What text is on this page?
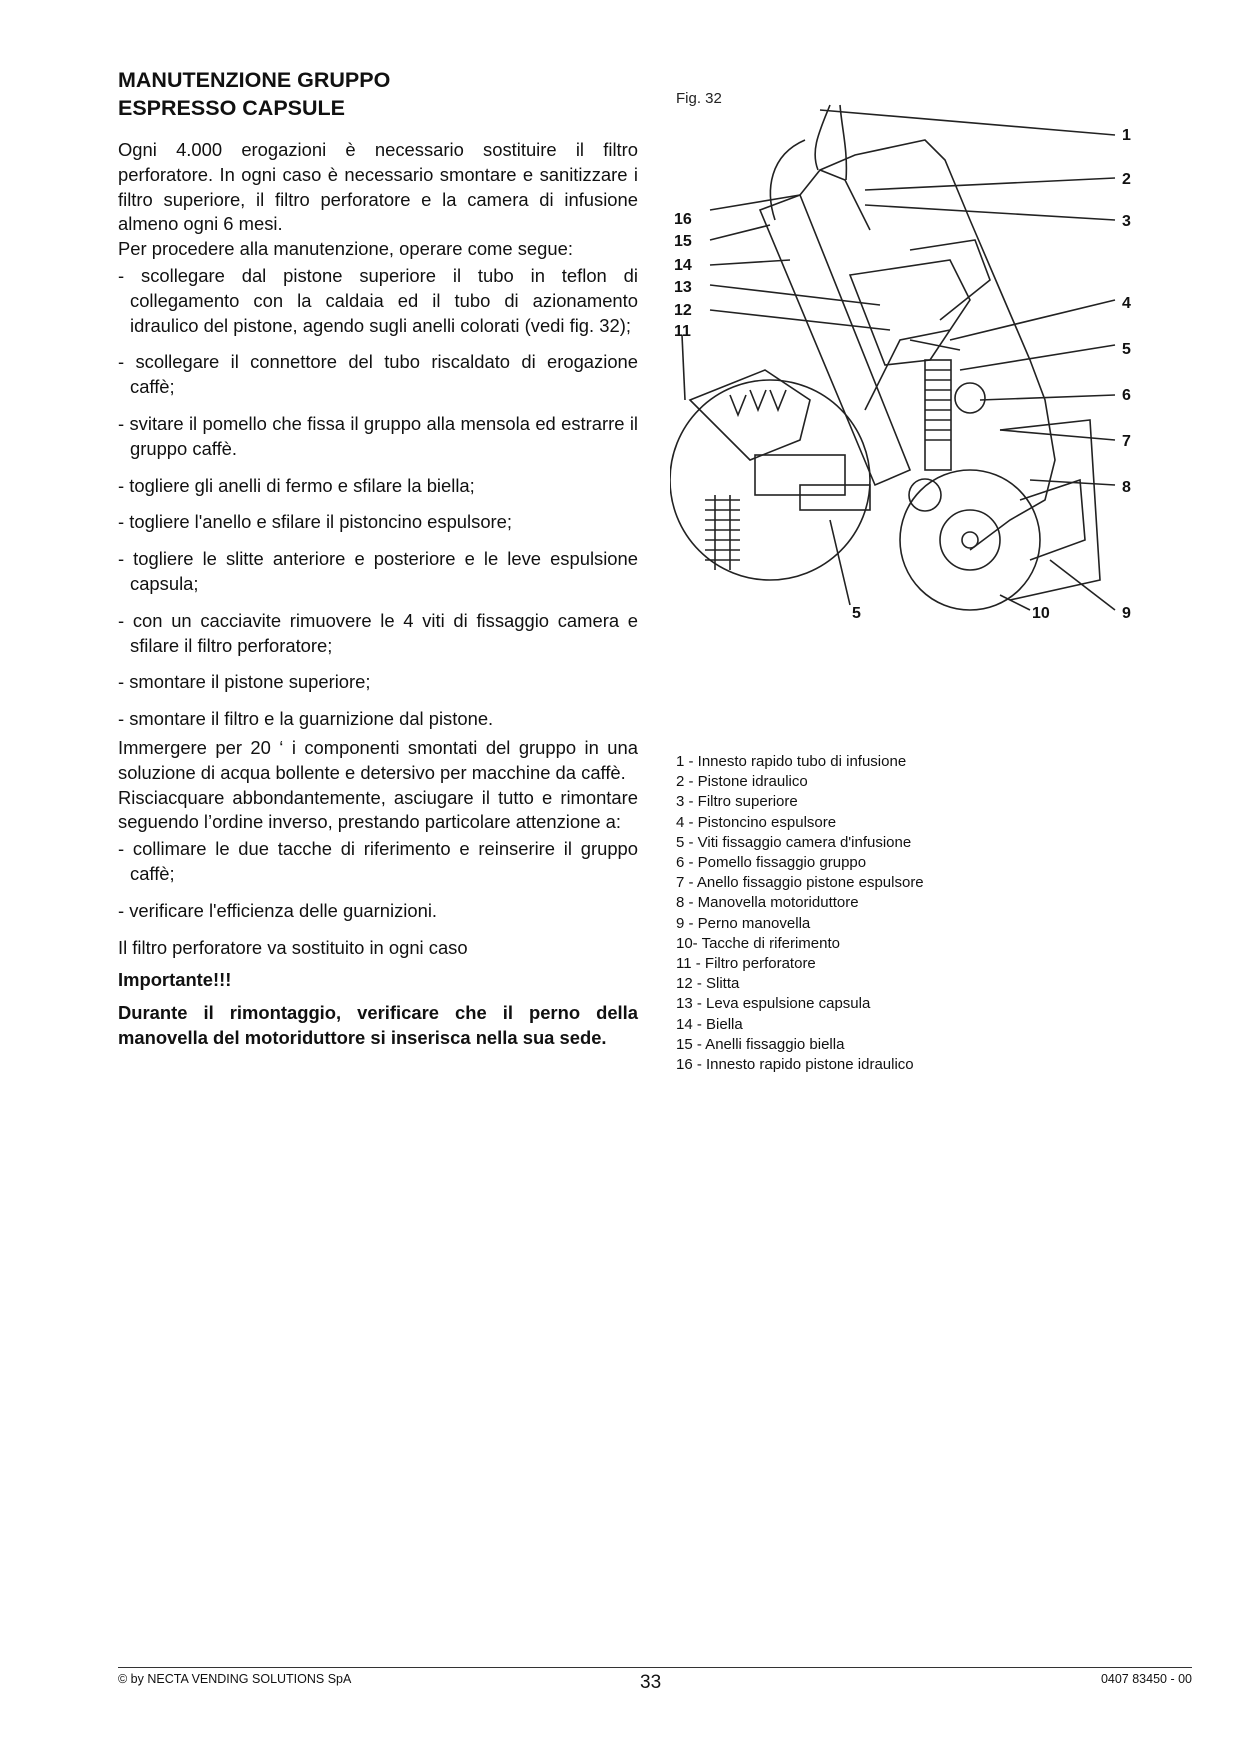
MANUTENZIONE GRUPPO
ESPRESSO CAPSULE

Ogni 4.000 erogazioni è necessario sostituire il filtro perforatore. In ogni caso è necessario smontare e sanitizzare i filtro superiore, il filtro perforatore e la camera di infusione almeno ogni 6 mesi.

Per procedere alla manutenzione, operare come segue:

- scollegare dal pistone superiore il tubo in teflon di collegamento con la caldaia ed il tubo di azionamento idraulico del pistone, agendo sugli anelli colorati (vedi fig. 32);
- scollegare il connettore del tubo riscaldato di erogazione caffè;
- svitare il pomello che fissa il gruppo alla mensola ed estrarre il gruppo caffè.
- togliere gli anelli di fermo e sfilare la biella;
- togliere l'anello e sfilare il pistoncino espulsore;
- togliere le slitte anteriore e posteriore e le leve espulsione capsula;
- con un cacciavite rimuovere le 4 viti di fissaggio camera e sfilare il filtro perforatore;
- smontare il pistone superiore;
- smontare il filtro e la guarnizione dal pistone.

Immergere per 20 ‘ i componenti smontati del gruppo in una soluzione di acqua bollente e detersivo per macchine da caffè.

Risciacquare abbondantemente, asciugare il tutto e rimontare seguendo l’ordine inverso, prestando particolare attenzione a:

- collimare le due tacche di riferimento e reinserire il gruppo caffè;
- verificare l'efficienza delle guarnizioni.

Il filtro perforatore va sostituito in ogni caso

Importante!!!

Durante il rimontaggio, verificare che il perno della manovella del motoriduttore si inserisca nella sua sede.

Fig. 32
1
2
3
4
5
6
7
8
9
10
11
12
13
14
15
16
5
1 - Innesto rapido tubo di infusione
2 - Pistone idraulico
3 - Filtro superiore
4 - Pistoncino espulsore
5 - Viti fissaggio camera d'infusione
6 - Pomello fissaggio gruppo
7 - Anello fissaggio pistone espulsore
8 - Manovella motoriduttore
9 - Perno manovella
10- Tacche di riferimento
11 - Filtro perforatore
12 - Slitta
13 - Leva espulsione capsula
14 - Biella
15 - Anelli fissaggio biella
16 - Innesto rapido pistone idraulico
© by NECTA VENDING SOLUTIONS SpA	33	0407 83450 - 00
